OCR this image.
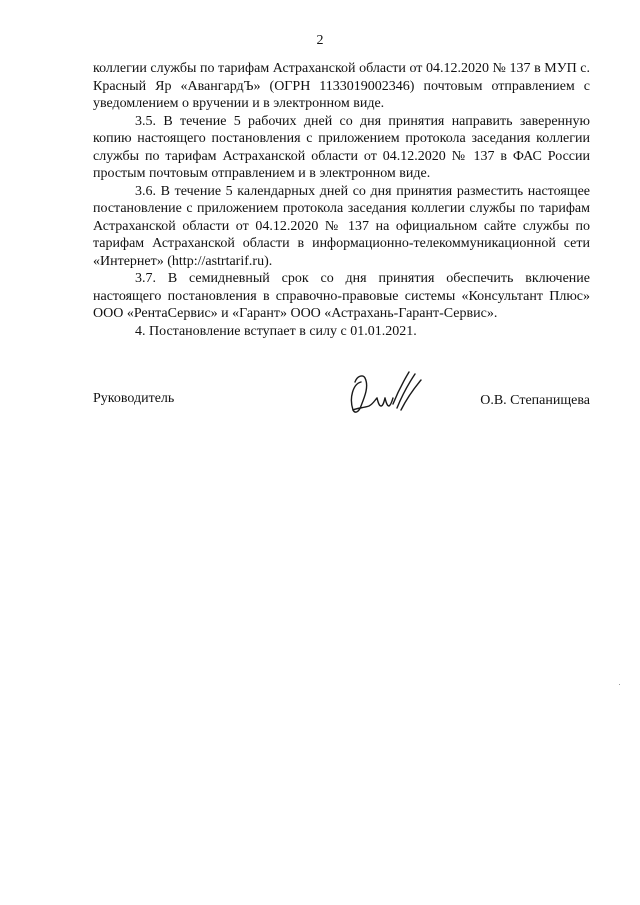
2

коллегии службы по тарифам Астраханской области от 04.12.2020 № 137 в МУП с. Красный Яр «АвангардЪ» (ОГРН 1133019002346) почтовым отправлением с уведомлением о вручении и в электронном виде.

3.5. В течение 5 рабочих дней со дня принятия направить заверенную копию настоящего постановления с приложением протокола заседания коллегии службы по тарифам Астраханской области от 04.12.2020 № 137 в ФАС России простым почтовым отправлением и в электронном виде.

3.6. В течение 5 календарных дней со дня принятия разместить настоящее постановление с приложением протокола заседания коллегии службы по тарифам Астраханской области от 04.12.2020 № 137 на официальном сайте службы по тарифам Астраханской области в информационно-телекоммуникационной сети «Интернет» (http://astrtarif.ru).

3.7. В семидневный срок со дня принятия обеспечить включение настоящего постановления в справочно-правовые системы «Консультант Плюс» ООО «РентаСервис» и «Гарант» ООО «Астрахань-Гарант-Сервис».

4. Постановление вступает в силу с 01.01.2021.

Руководитель	О.В. Степанищева
